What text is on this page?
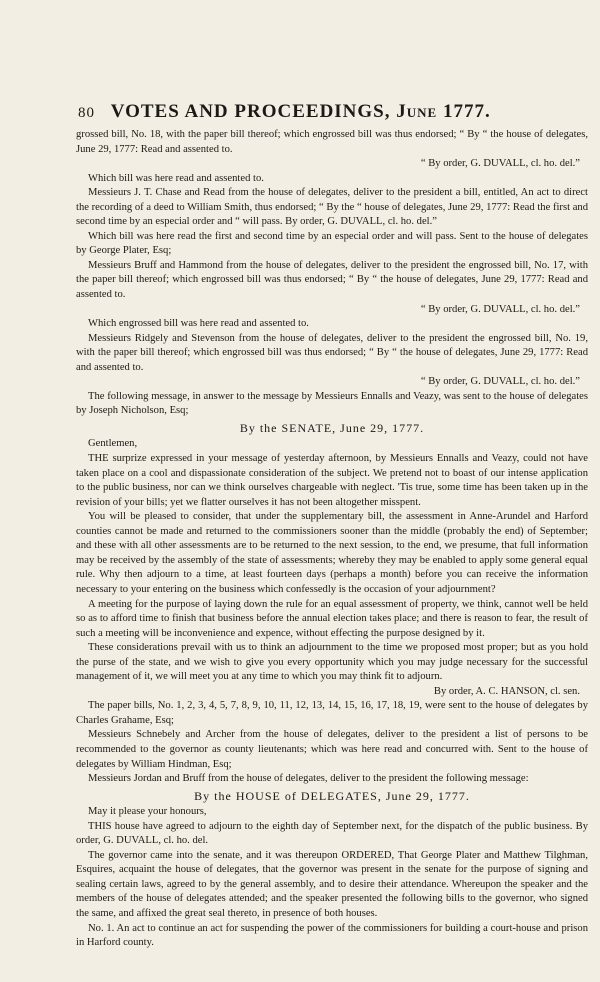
80 VOTES AND PROCEEDINGS, June 1777.

grossed bill, No. 18, with the paper bill thereof; which engrossed bill was thus endorsed; “ By “ the house of delegates, June 29, 1777: Read and assented to.

“ By order, G. DUVALL, cl. ho. del.”

Which bill was here read and assented to.

Messieurs J. T. Chase and Read from the house of delegates, deliver to the president a bill, entitled, An act to direct the recording of a deed to William Smith, thus endorsed; “ By the “ house of delegates, June 29, 1777: Read the first and second time by an especial order and “ will pass. By order, G. DUVALL, cl. ho. del.”

Which bill was here read the first and second time by an especial order and will pass. Sent to the house of delegates by George Plater, Esq;

Messieurs Bruff and Hammond from the house of delegates, deliver to the president the engrossed bill, No. 17, with the paper bill thereof; which engrossed bill was thus endorsed; “ By “ the house of delegates, June 29, 1777: Read and assented to.

“ By order, G. DUVALL, cl. ho. del.”

Which engrossed bill was here read and assented to.

Messieurs Ridgely and Stevenson from the house of delegates, deliver to the president the engrossed bill, No. 19, with the paper bill thereof; which engrossed bill was thus endorsed; “ By “ the house of delegates, June 29, 1777: Read and assented to.

“ By order, G. DUVALL, cl. ho. del.”

The following message, in answer to the message by Messieurs Ennalls and Veazy, was sent to the house of delegates by Joseph Nicholson, Esq;

By the SENATE, June 29, 1777.

Gentlemen,

THE surprize expressed in your message of yesterday afternoon, by Messieurs Ennalls and Veazy, could not have taken place on a cool and dispassionate consideration of the subject. We pretend not to boast of our intense application to the public business, nor can we think ourselves chargeable with neglect. 'Tis true, some time has been taken up in the revision of your bills; yet we flatter ourselves it has not been altogether misspent.

You will be pleased to consider, that under the supplementary bill, the assessment in Anne-Arundel and Harford counties cannot be made and returned to the commissioners sooner than the middle (probably the end) of September; and these with all other assessments are to be returned to the next session, to the end, we presume, that full information may be received by the assembly of the state of assessments; whereby they may be enabled to apply some general equal rule. Why then adjourn to a time, at least fourteen days (perhaps a month) before you can receive the information necessary to your entering on the business which confessedly is the occasion of your adjournment?

A meeting for the purpose of laying down the rule for an equal assessment of property, we think, cannot well be held so as to afford time to finish that business before the annual election takes place; and there is reason to fear, the result of such a meeting will be inconvenience and expence, without effecting the purpose designed by it.

These considerations prevail with us to think an adjournment to the time we proposed most proper; but as you hold the purse of the state, and we wish to give you every opportunity which you may judge necessary for the successful management of it, we will meet you at any time to which you may think fit to adjourn.

By order, A. C. HANSON, cl. sen.

The paper bills, No. 1, 2, 3, 4, 5, 7, 8, 9, 10, 11, 12, 13, 14, 15, 16, 17, 18, 19, were sent to the house of delegates by Charles Grahame, Esq;

Messieurs Schnebely and Archer from the house of delegates, deliver to the president a list of persons to be recommended to the governor as county lieutenants; which was here read and concurred with. Sent to the house of delegates by William Hindman, Esq;

Messieurs Jordan and Bruff from the house of delegates, deliver to the president the following message:

By the HOUSE of DELEGATES, June 29, 1777.

May it please your honours,

THIS house have agreed to adjourn to the eighth day of September next, for the dispatch of the public business. By order, G. DUVALL, cl. ho. del.

The governor came into the senate, and it was thereupon ORDERED, That George Plater and Matthew Tilghman, Esquires, acquaint the house of delegates, that the governor was present in the senate for the purpose of signing and sealing certain laws, agreed to by the general assembly, and to desire their attendance. Whereupon the speaker and the members of the house of delegates attended; and the speaker presented the following bills to the governor, who signed the same, and affixed the great seal thereto, in presence of both houses.

No. 1. An act to continue an act for suspending the power of the commissioners for building a court-house and prison in Harford county.
